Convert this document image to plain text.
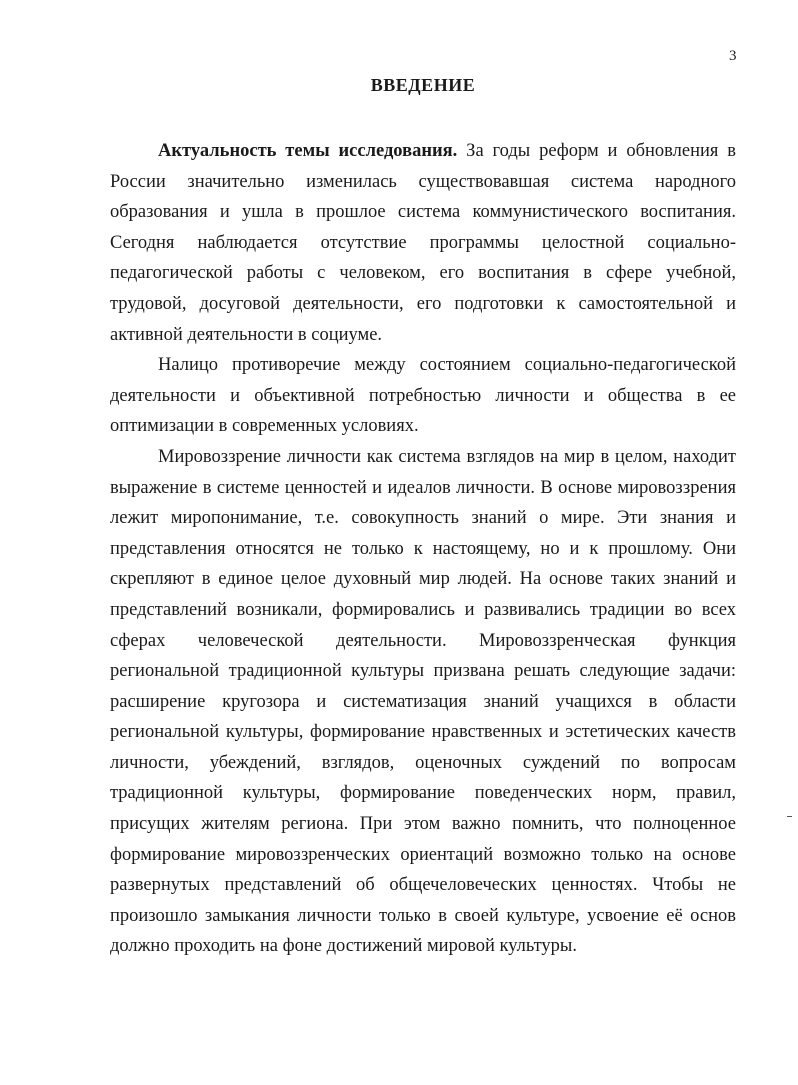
3
ВВЕДЕНИЕ

Актуальность темы исследования. За годы реформ и обновления в России значительно изменилась существовавшая система народного образования и ушла в прошлое система коммунистического воспитания. Сегодня наблюдается отсутствие программы целостной социально-педагогической работы с человеком, его воспитания в сфере учебной, трудовой, досуговой деятельности, его подготовки к самостоятельной и активной деятельности в социуме.

Налицо противоречие между состоянием социально-педагогической деятельности и объективной потребностью личности и общества в ее оптимизации в современных условиях.

Мировоззрение личности как система взглядов на мир в целом, находит выражение в системе ценностей и идеалов личности. В основе мировоззрения лежит миропонимание, т.е. совокупность знаний о мире. Эти знания и представления относятся не только к настоящему, но и к прошлому. Они скрепляют в единое целое духовный мир людей. На основе таких знаний и представлений возникали, формировались и развивались традиции во всех сферах человеческой деятельности. Мировоззренческая функция региональной традиционной культуры призвана решать следующие задачи: расширение кругозора и систематизация знаний учащихся в области региональной культуры, формирование нравственных и эстетических качеств личности, убеждений, взглядов, оценочных суждений по вопросам традиционной культуры, формирование поведенческих норм, правил, присущих жителям региона. При этом важно помнить, что полноценное формирование мировоззренческих ориентаций возможно только на основе развернутых представлений об общечеловеческих ценностях. Чтобы не произошло замыкания личности только в своей культуре, усвоение её основ должно проходить на фоне достижений мировой культуры.
